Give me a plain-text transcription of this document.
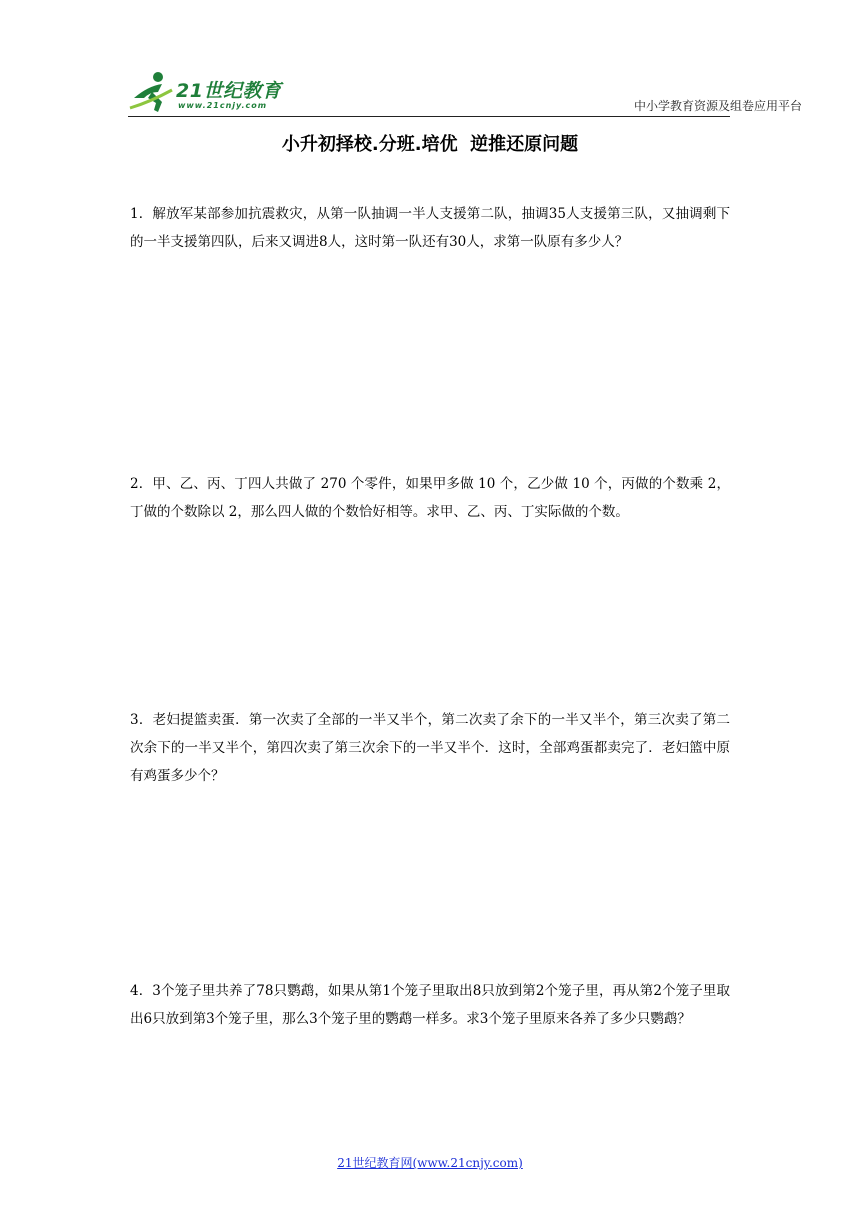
21世纪教育
www.21cnjy.com	中小学教育资源及组卷应用平台
小升初择校.分班.培优  逆推还原问题

1．解放军某部参加抗震救灾，从第一队抽调一半人支援第二队，抽调35人支援第三队，又抽调剩下的一半支援第四队，后来又调进8人，这时第一队还有30人，求第一队原有多少人？

2．甲、乙、丙、丁四人共做了 270 个零件，如果甲多做 10 个，乙少做 10 个，丙做的个数乘 2，丁做的个数除以 2，那么四人做的个数恰好相等。求甲、乙、丙、丁实际做的个数。

3．老妇提篮卖蛋．第一次卖了全部的一半又半个，第二次卖了余下的一半又半个，第三次卖了第二次余下的一半又半个，第四次卖了第三次余下的一半又半个．这时，全部鸡蛋都卖完了．老妇篮中原有鸡蛋多少个？

4．3个笼子里共养了78只鹦鹉，如果从第1个笼子里取出8只放到第2个笼子里，再从第2个笼子里取出6只放到第3个笼子里，那么3个笼子里的鹦鹉一样多。求3个笼子里原来各养了多少只鹦鹉？

21世纪教育网(www.21cnjy.com)
